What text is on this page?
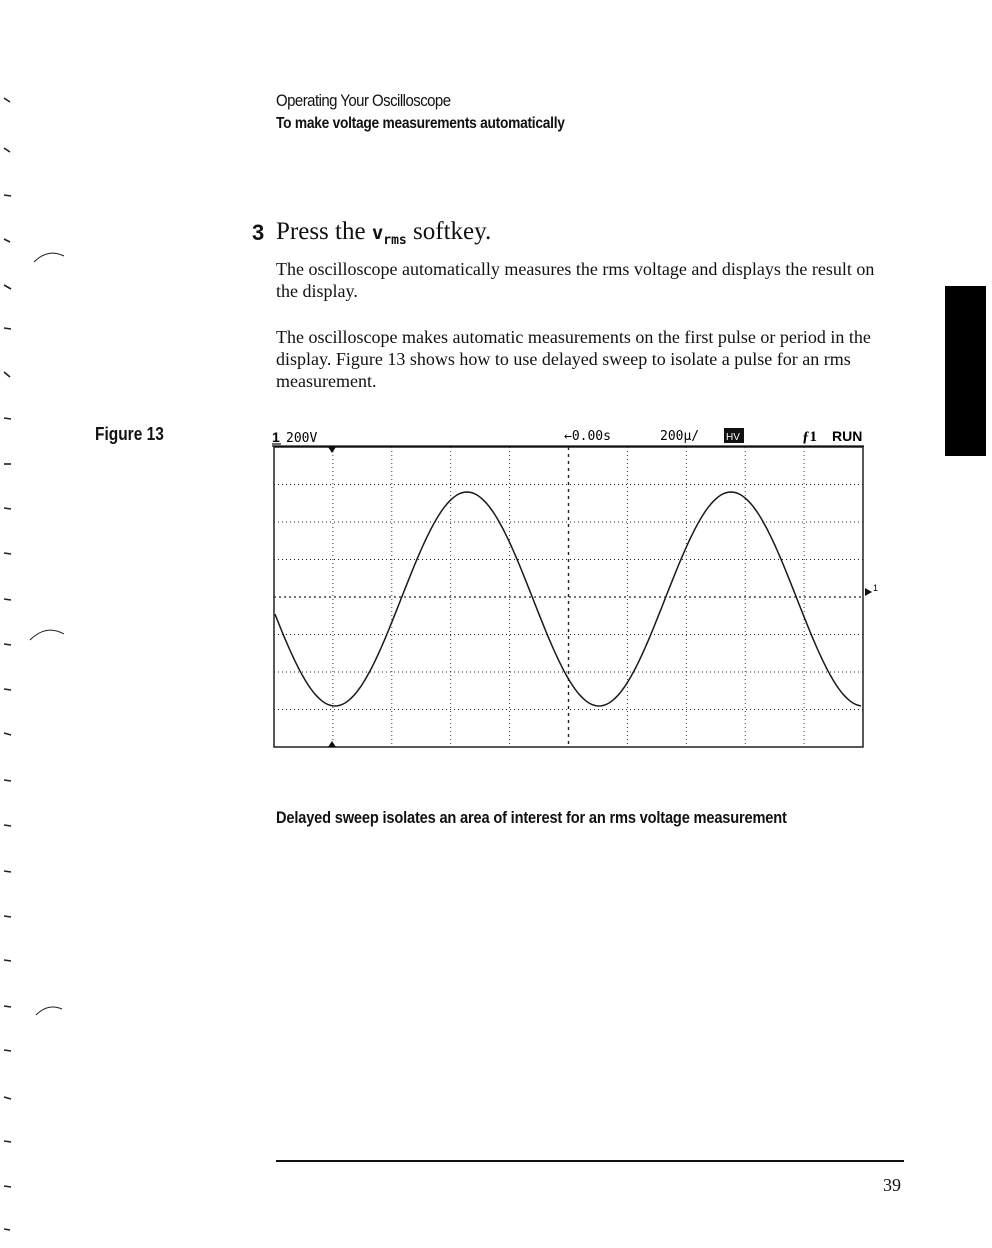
Operating Your Oscilloscope
To make voltage measurements automatically
3 Press the $v_{rms}$ softkey.
The oscilloscope automatically measures the rms voltage and displays the result on the display.
The oscilloscope makes automatic measurements on the first pulse or period in the display. Figure 13 shows how to use delayed sweep to isolate a pulse for an rms measurement.
Figure 13	1 200V	←0.00s	200µ/	HV	ƒ1 RUN
1
Delayed sweep isolates an area of interest for an rms voltage measurement
39
